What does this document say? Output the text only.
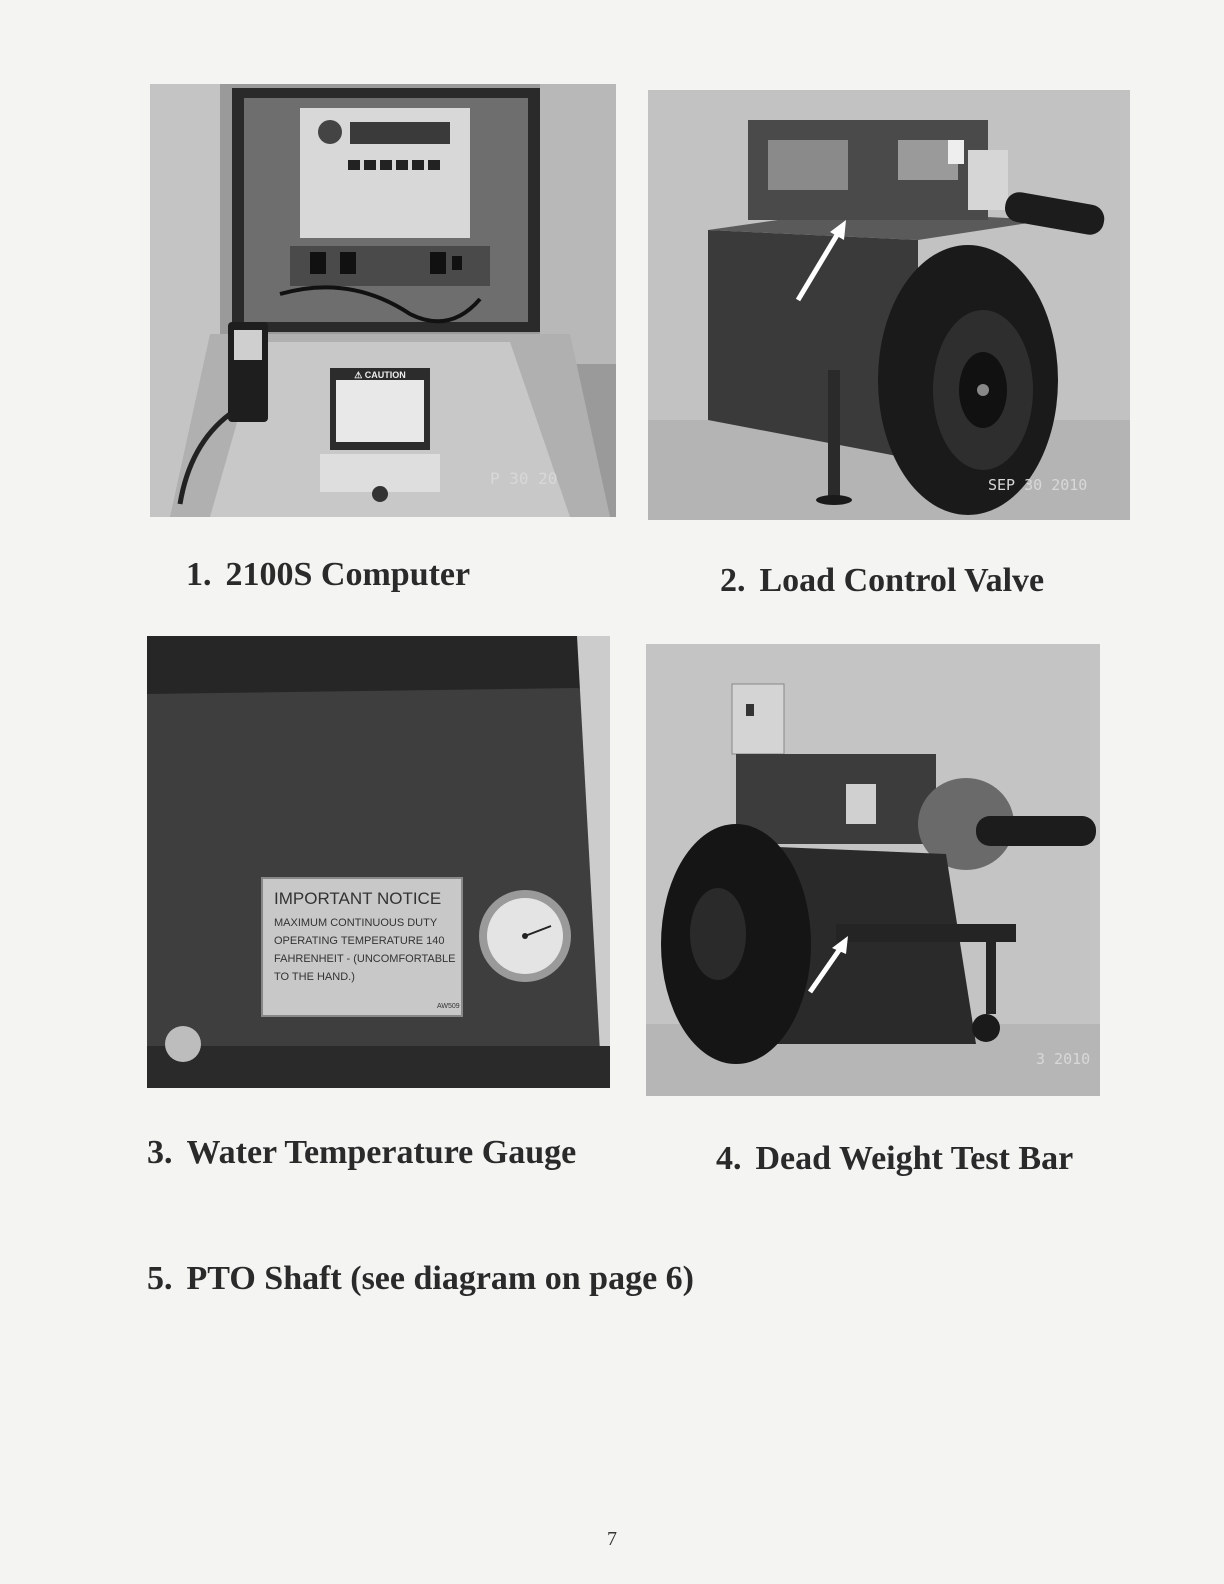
⚠ CAUTION
P 30 20	SEP 30 2010
IMPORTANT NOTICE
MAXIMUM CONTINUOUS DUTY
OPERATING TEMPERATURE 140
FAHRENHEIT - (UNCOMFORTABLE
TO THE HAND.)
AW509
3 2010
1. 2100S Computer	2. Load Control Valve
3. Water Temperature Gauge	4. Dead Weight Test Bar
5. PTO Shaft (see diagram on page 6)
7
